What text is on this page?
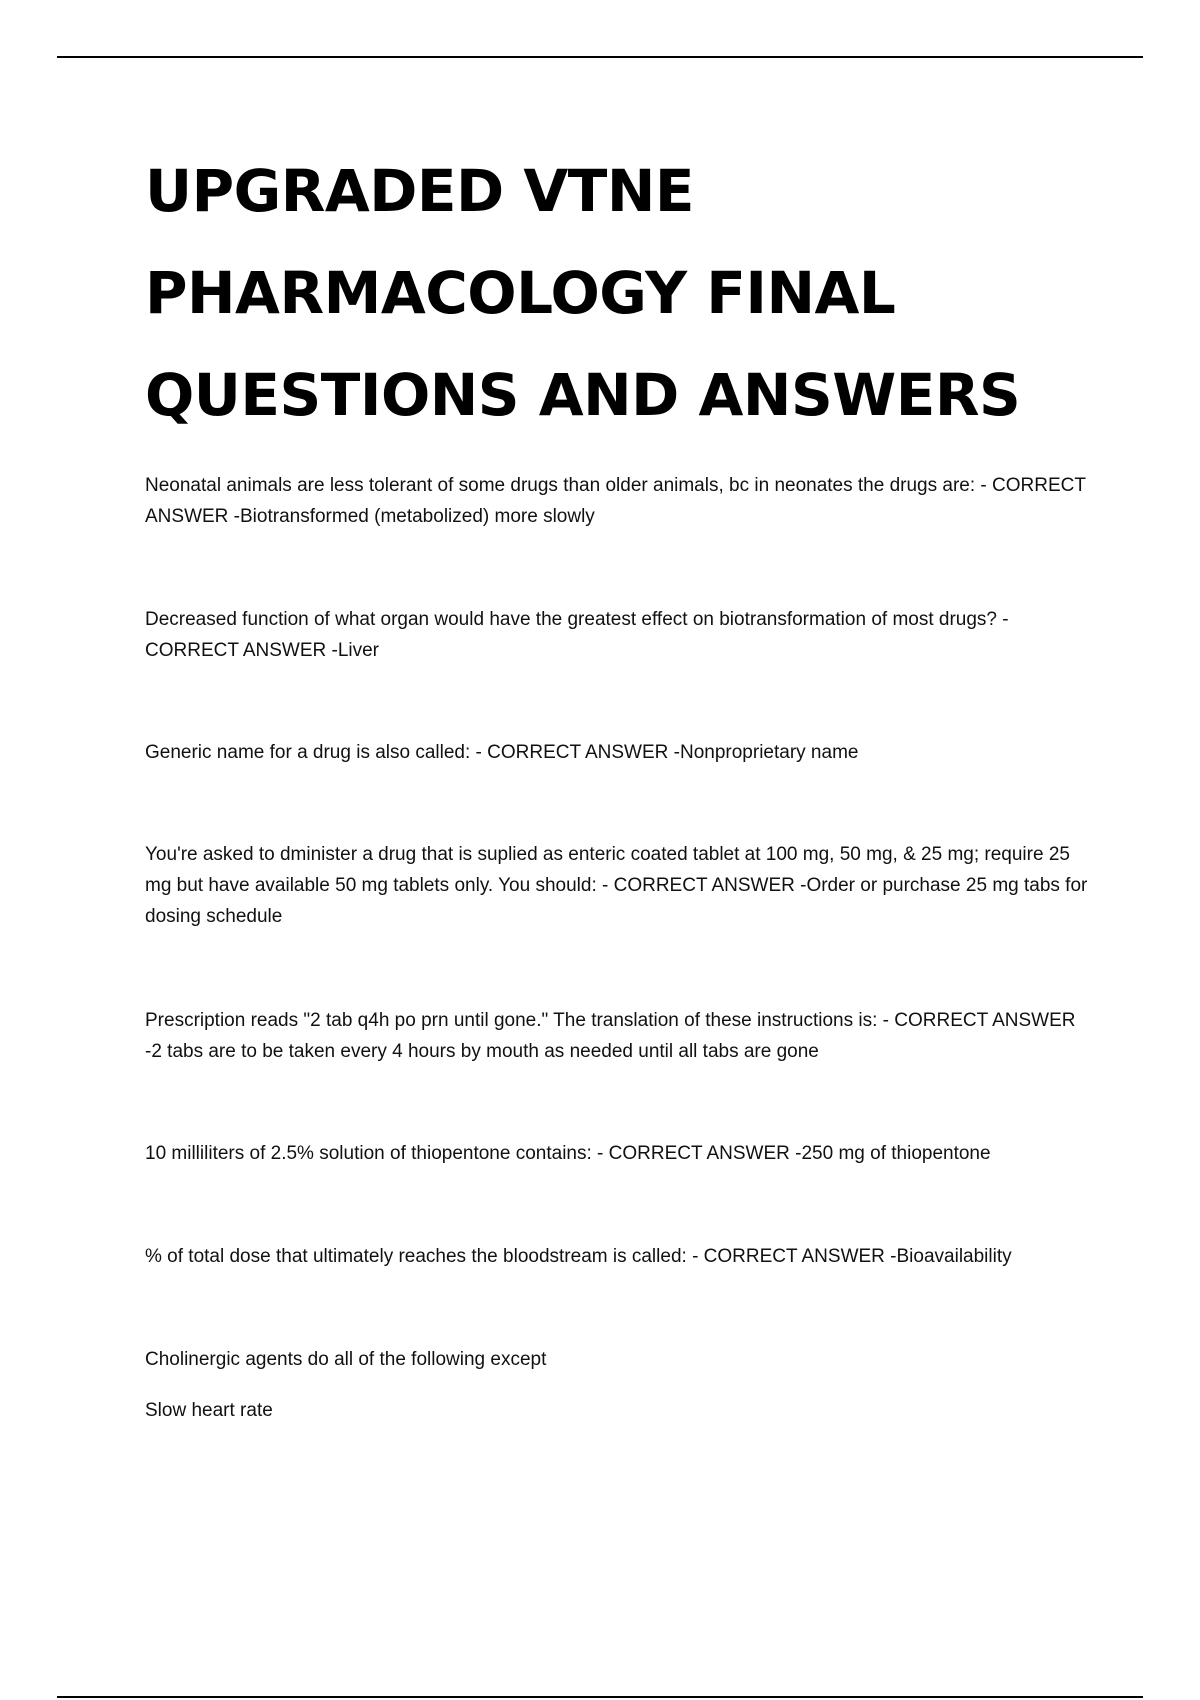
UPGRADED VTNE
PHARMACOLOGY FINAL
QUESTIONS AND ANSWERS

Neonatal animals are less tolerant of some drugs than older animals, bc in neonates the drugs are: - CORRECT ANSWER -Biotransformed (metabolized) more slowly

Decreased function of what organ would have the greatest effect on biotransformation of most drugs? - CORRECT ANSWER -Liver

Generic name for a drug is also called: - CORRECT ANSWER -Nonproprietary name

You're asked to dminister a drug that is suplied as enteric coated tablet at 100 mg, 50 mg, & 25 mg; require 25 mg but have available 50 mg tablets only. You should: - CORRECT ANSWER -Order or purchase 25 mg tabs for dosing schedule

Prescription reads "2 tab q4h po prn until gone." The translation of these instructions is: - CORRECT ANSWER -2 tabs are to be taken every 4 hours by mouth as needed until all tabs are gone

10 milliliters of 2.5% solution of thiopentone contains: - CORRECT ANSWER -250 mg of thiopentone

% of total dose that ultimately reaches the bloodstream is called: - CORRECT ANSWER -Bioavailability

Cholinergic agents do all of the following except

Slow heart rate
